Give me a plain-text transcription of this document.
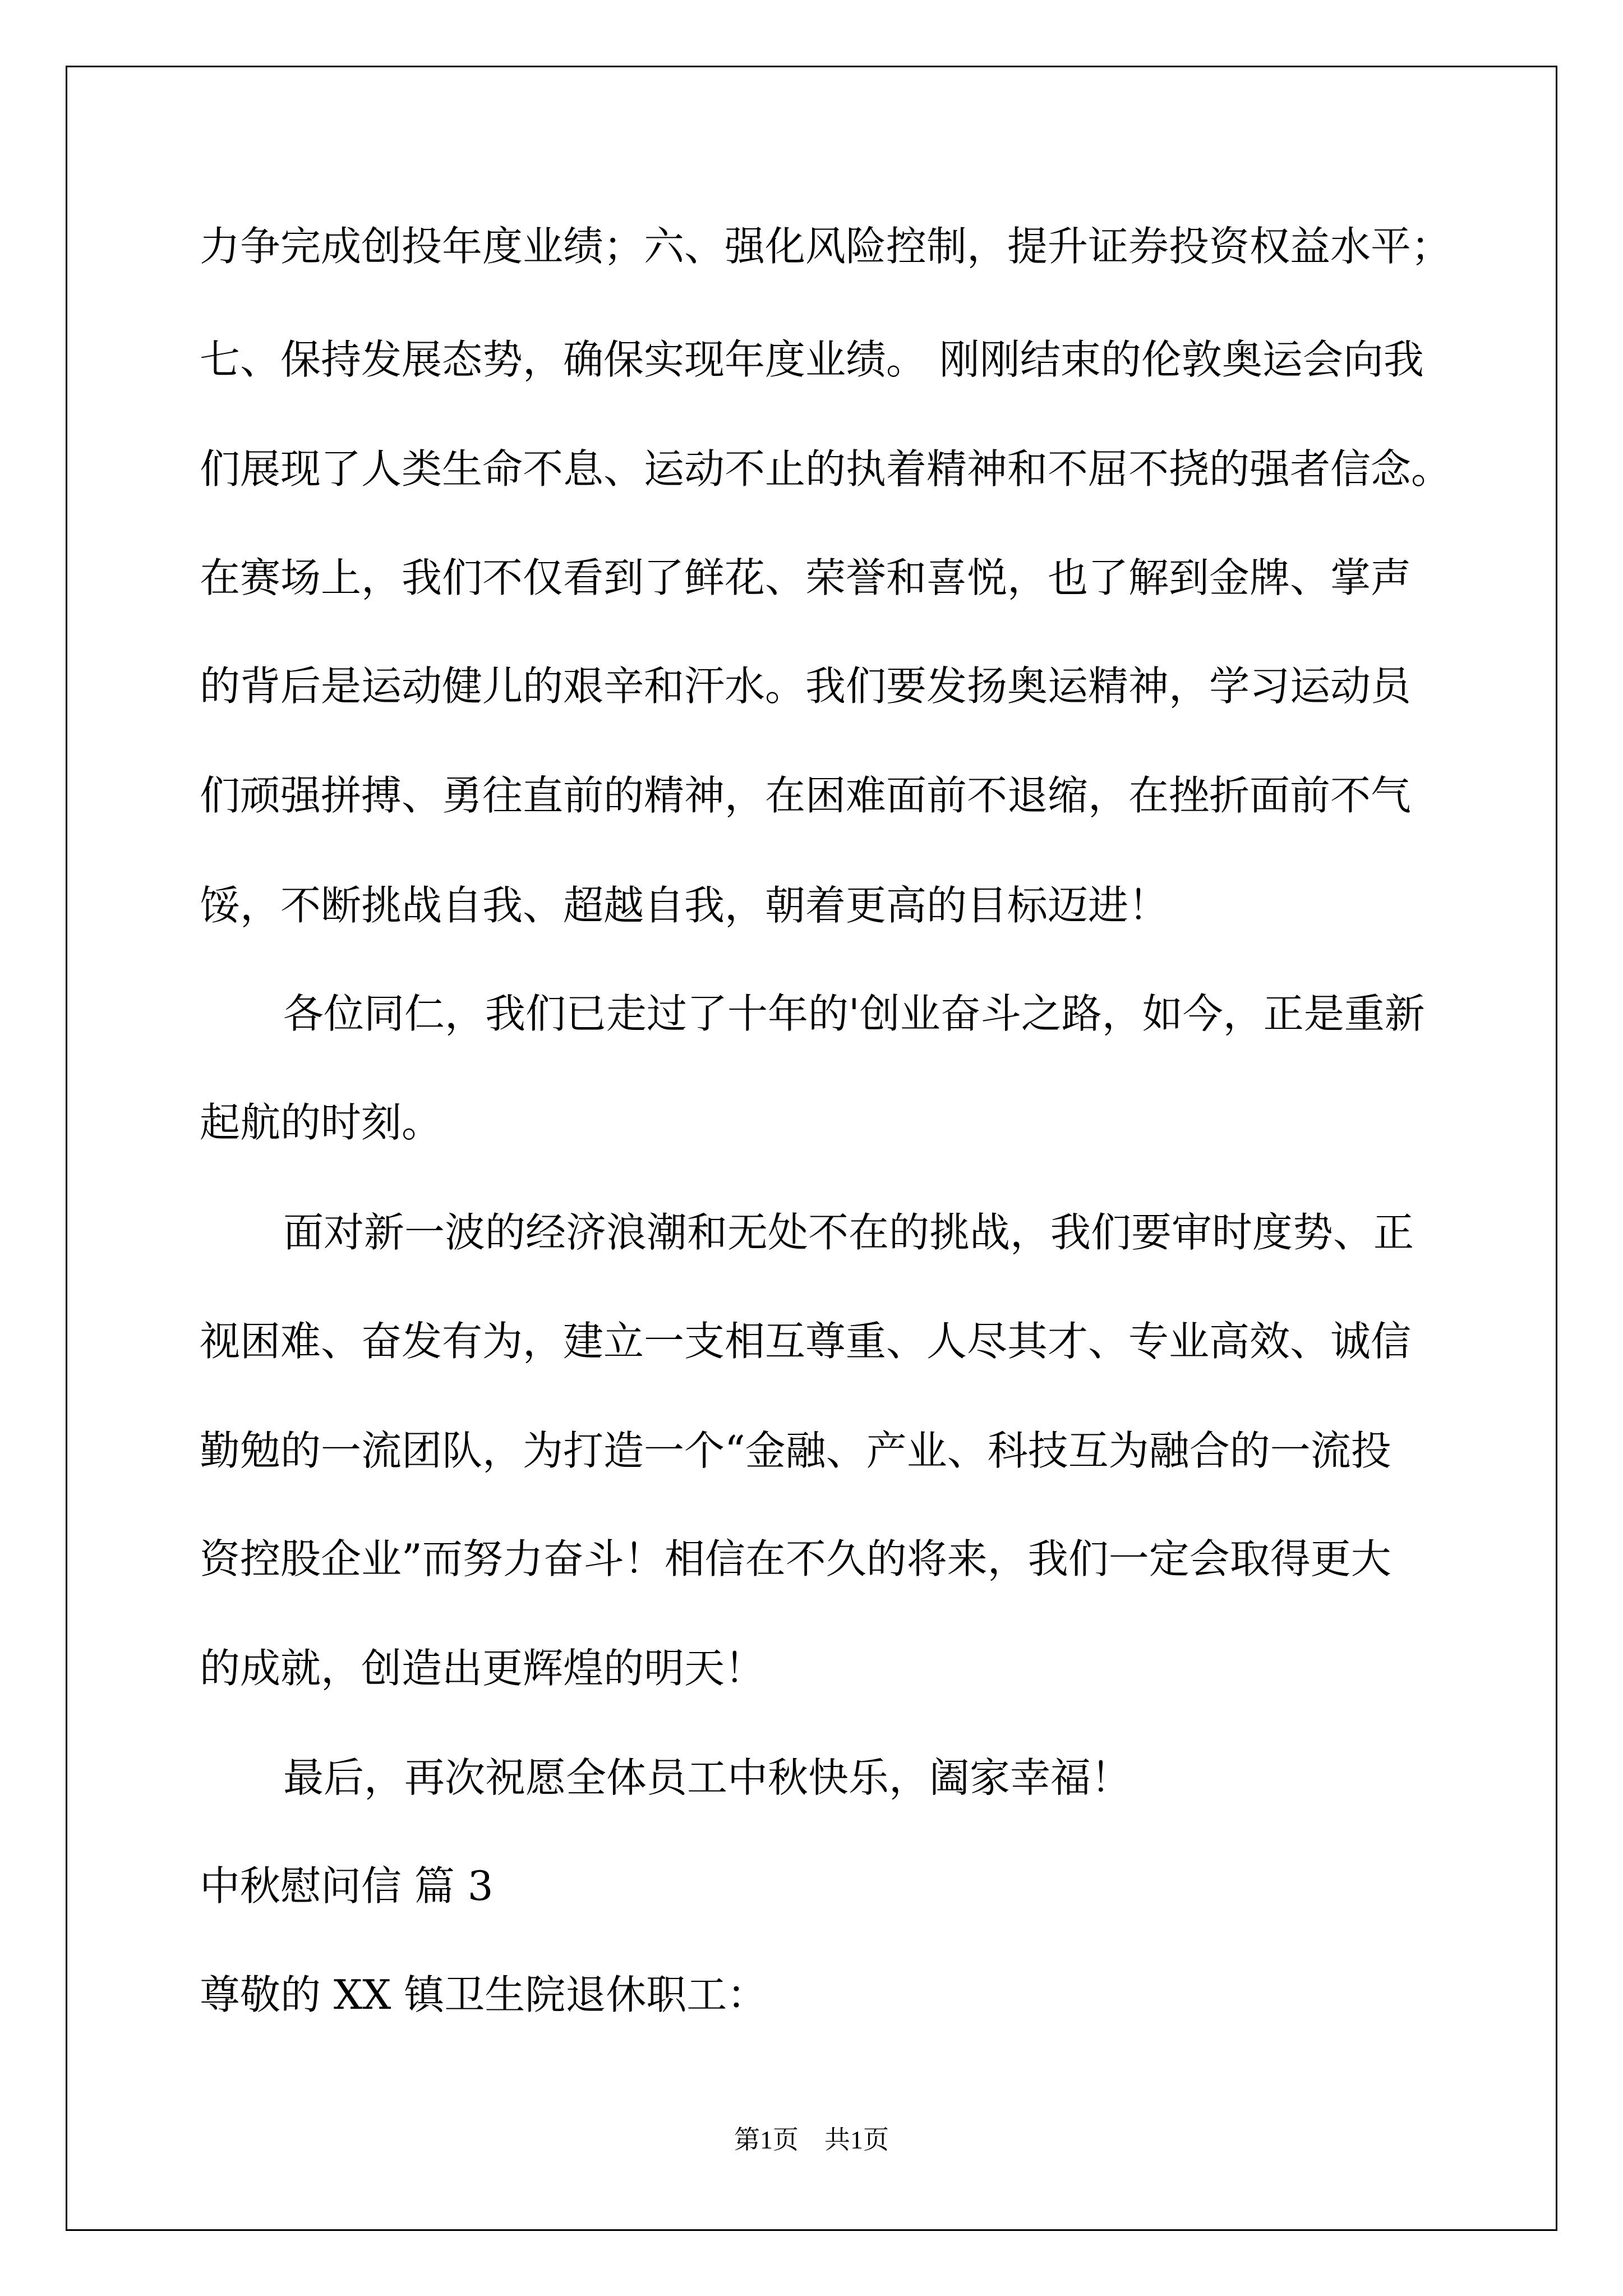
力争完成创投年度业绩；六、强化风险控制，提升证券投资权益水平；
七、保持发展态势，确保实现年度业绩。 刚刚结束的伦敦奥运会向我
们展现了人类生命不息、运动不止的执着精神和不屈不挠的强者信念。
在赛场上，我们不仅看到了鲜花、荣誉和喜悦，也了解到金牌、掌声
的背后是运动健儿的艰辛和汗水。我们要发扬奥运精神，学习运动员
们顽强拼搏、勇往直前的精神，在困难面前不退缩，在挫折面前不气
馁，不断挑战自我、超越自我，朝着更高的目标迈进！
各位同仁，我们已走过了十年的'创业奋斗之路，如今，正是重新
起航的时刻。
面对新一波的经济浪潮和无处不在的挑战，我们要审时度势、正
视困难、奋发有为，建立一支相互尊重、人尽其才、专业高效、诚信
勤勉的一流团队，为打造一个“金融、产业、科技互为融合的一流投
资控股企业”而努力奋斗！相信在不久的将来，我们一定会取得更大
的成就，创造出更辉煌的明天！
最后，再次祝愿全体员工中秋快乐，阖家幸福！
中秋慰问信 篇 3
尊敬的 XX 镇卫生院退休职工：
第1页 共1页
